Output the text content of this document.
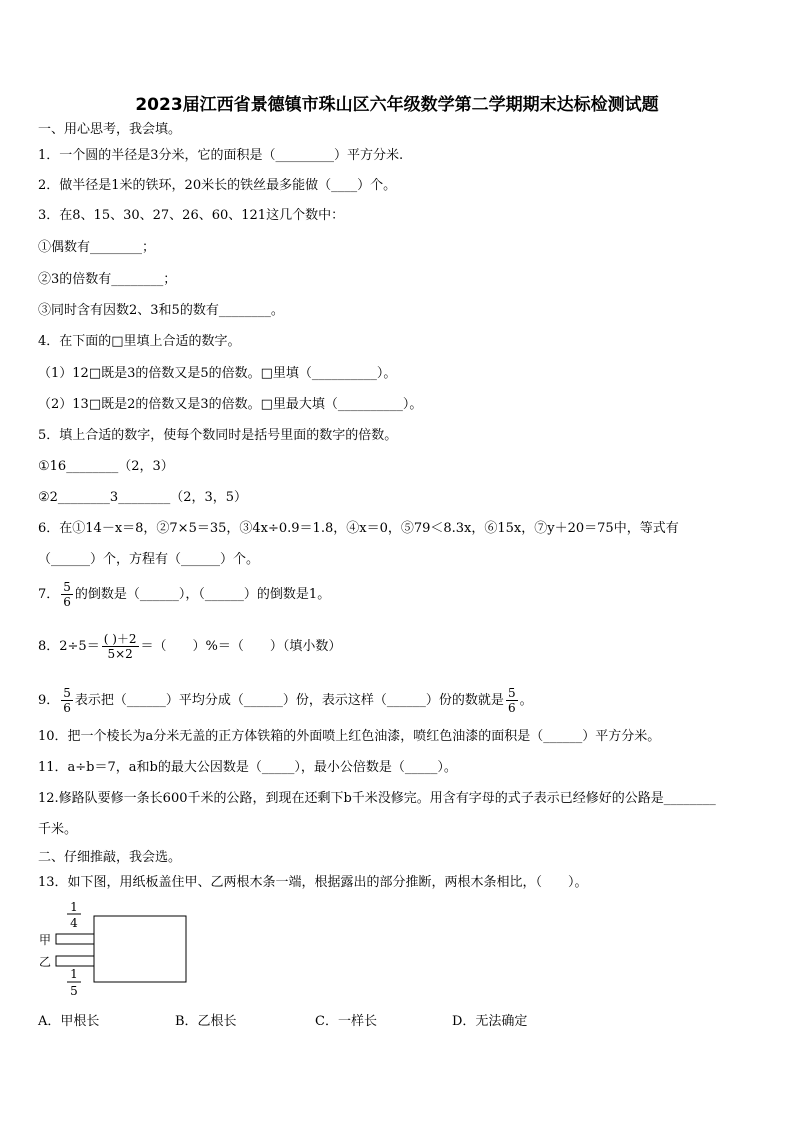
2023届江西省景德镇市珠山区六年级数学第二学期期末达标检测试题
一、用心思考，我会填。
1．一个圆的半径是3分米，它的面积是（_________）平方分米.
2．做半径是1米的铁环，20米长的铁丝最多能做（____）个。
3．在8、15、30、27、26、60、121这几个数中：
①偶数有________；
②3的倍数有________；
③同时含有因数2、3和5的数有________。
4．在下面的□里填上合适的数字。
（1）12□既是3的倍数又是5的倍数。□里填（__________）。
（2）13□既是2的倍数又是3的倍数。□里最大填（__________）。
5．填上合适的数字，使每个数同时是括号里面的数字的倍数。
①16________（2，3）
②2________3________（2，3，5）
6．在①14－x＝8，②7×5＝35，③4x÷0.9＝1.8，④x＝0，⑤79＜8.3x，⑥15x，⑦y＋20＝75中，等式有
（______）个，方程有（______）个。
7． $\frac{5}{6}$ 的倒数是（______），（______）的倒数是1。
8．$2\div 5= \frac{( )+2}{5\times 2}$ ＝（　　）%＝（　　）（填小数）
9． $\frac{5}{6}$ 表示把（______）平均分成（______）份，表示这样（______）份的数就是 $\frac{5}{6}$ 。
10．把一个棱长为a分米无盖的正方体铁箱的外面喷上红色油漆，喷红色油漆的面积是（______）平方分米。
11．a÷b＝7，a和b的最大公因数是（_____），最小公倍数是（_____）。
12.修路队要修一条长600千米的公路，到现在还剩下b千米没修完。用含有字母的式子表示已经修好的公路是________
千米。
二、仔细推敲，我会选。
13．如下图，用纸板盖住甲、乙两根木条一端，根据露出的部分推断，两根木条相比，（　　）。
1
4
甲
乙
1
5
A．甲根长	B．乙根长	C．一样长	D．无法确定
